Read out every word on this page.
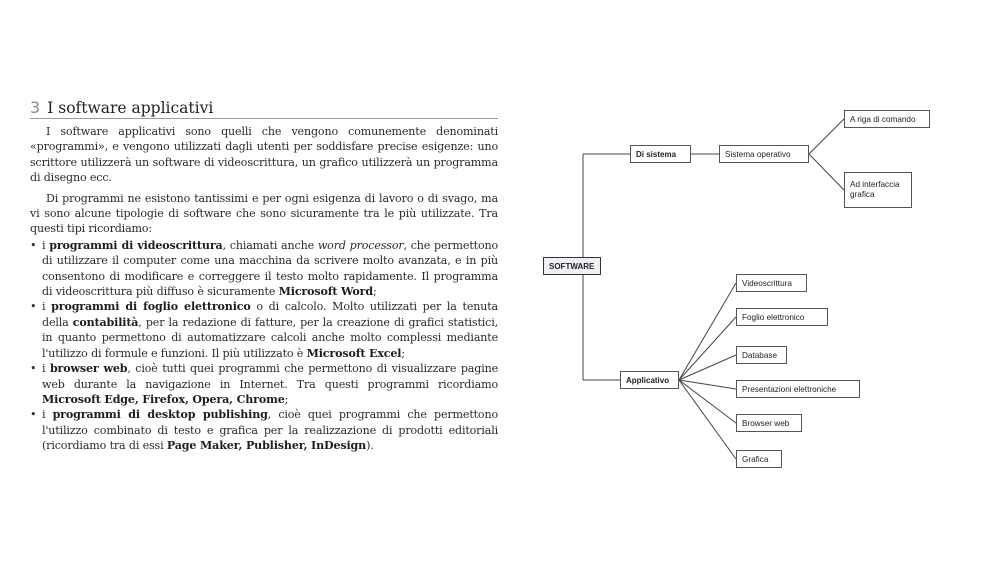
3 I software applicativi

I software applicativi sono quelli che vengono comunemente denominati «programmi», e vengono utilizzati dagli utenti per soddisfare precise esigenze: uno scrittore utilizzerà un software di videoscrittura, un grafico utilizzerà un programma di disegno ecc.

Di programmi ne esistono tantissimi e per ogni esigenza di lavoro o di svago, ma vi sono alcune tipologie di software che sono sicuramente tra le più utilizzate. Tra questi tipi ricordiamo:

• i programmi di videoscrittura, chiamati anche word processor, che permettono di utilizzare il computer come una macchina da scrivere molto avanzata, e in più consentono di modificare e correggere il testo molto rapidamente. Il programma di videoscrittura più diffuso è sicuramente Microsoft Word;
• i programmi di foglio elettronico o di calcolo. Molto utilizzati per la tenuta della contabilità, per la redazione di fatture, per la creazione di grafici statistici, in quanto permettono di automatizzare calcoli anche molto complessi mediante l'utilizzo di formule e funzioni. Il più utilizzato è Microsoft Excel;
• i browser web, cioè tutti quei programmi che permettono di visualizzare pagine web durante la navigazione in Internet. Tra questi programmi ricordiamo Microsoft Edge, Firefox, Opera, Chrome;
• i programmi di desktop publishing, cioè quei programmi che permettono l'utilizzo combinato di testo e grafica per la realizzazione di prodotti editoriali (ricordiamo tra di essi Page Maker, Publisher, InDesign).
SOFTWARE
Di sistema	Sistema operativo
A riga di comando
Ad interfaccia grafica
Applicativo
Videoscrittura
Foglio elettronico
Database
Presentazioni elettroniche
Browser web
Grafica
